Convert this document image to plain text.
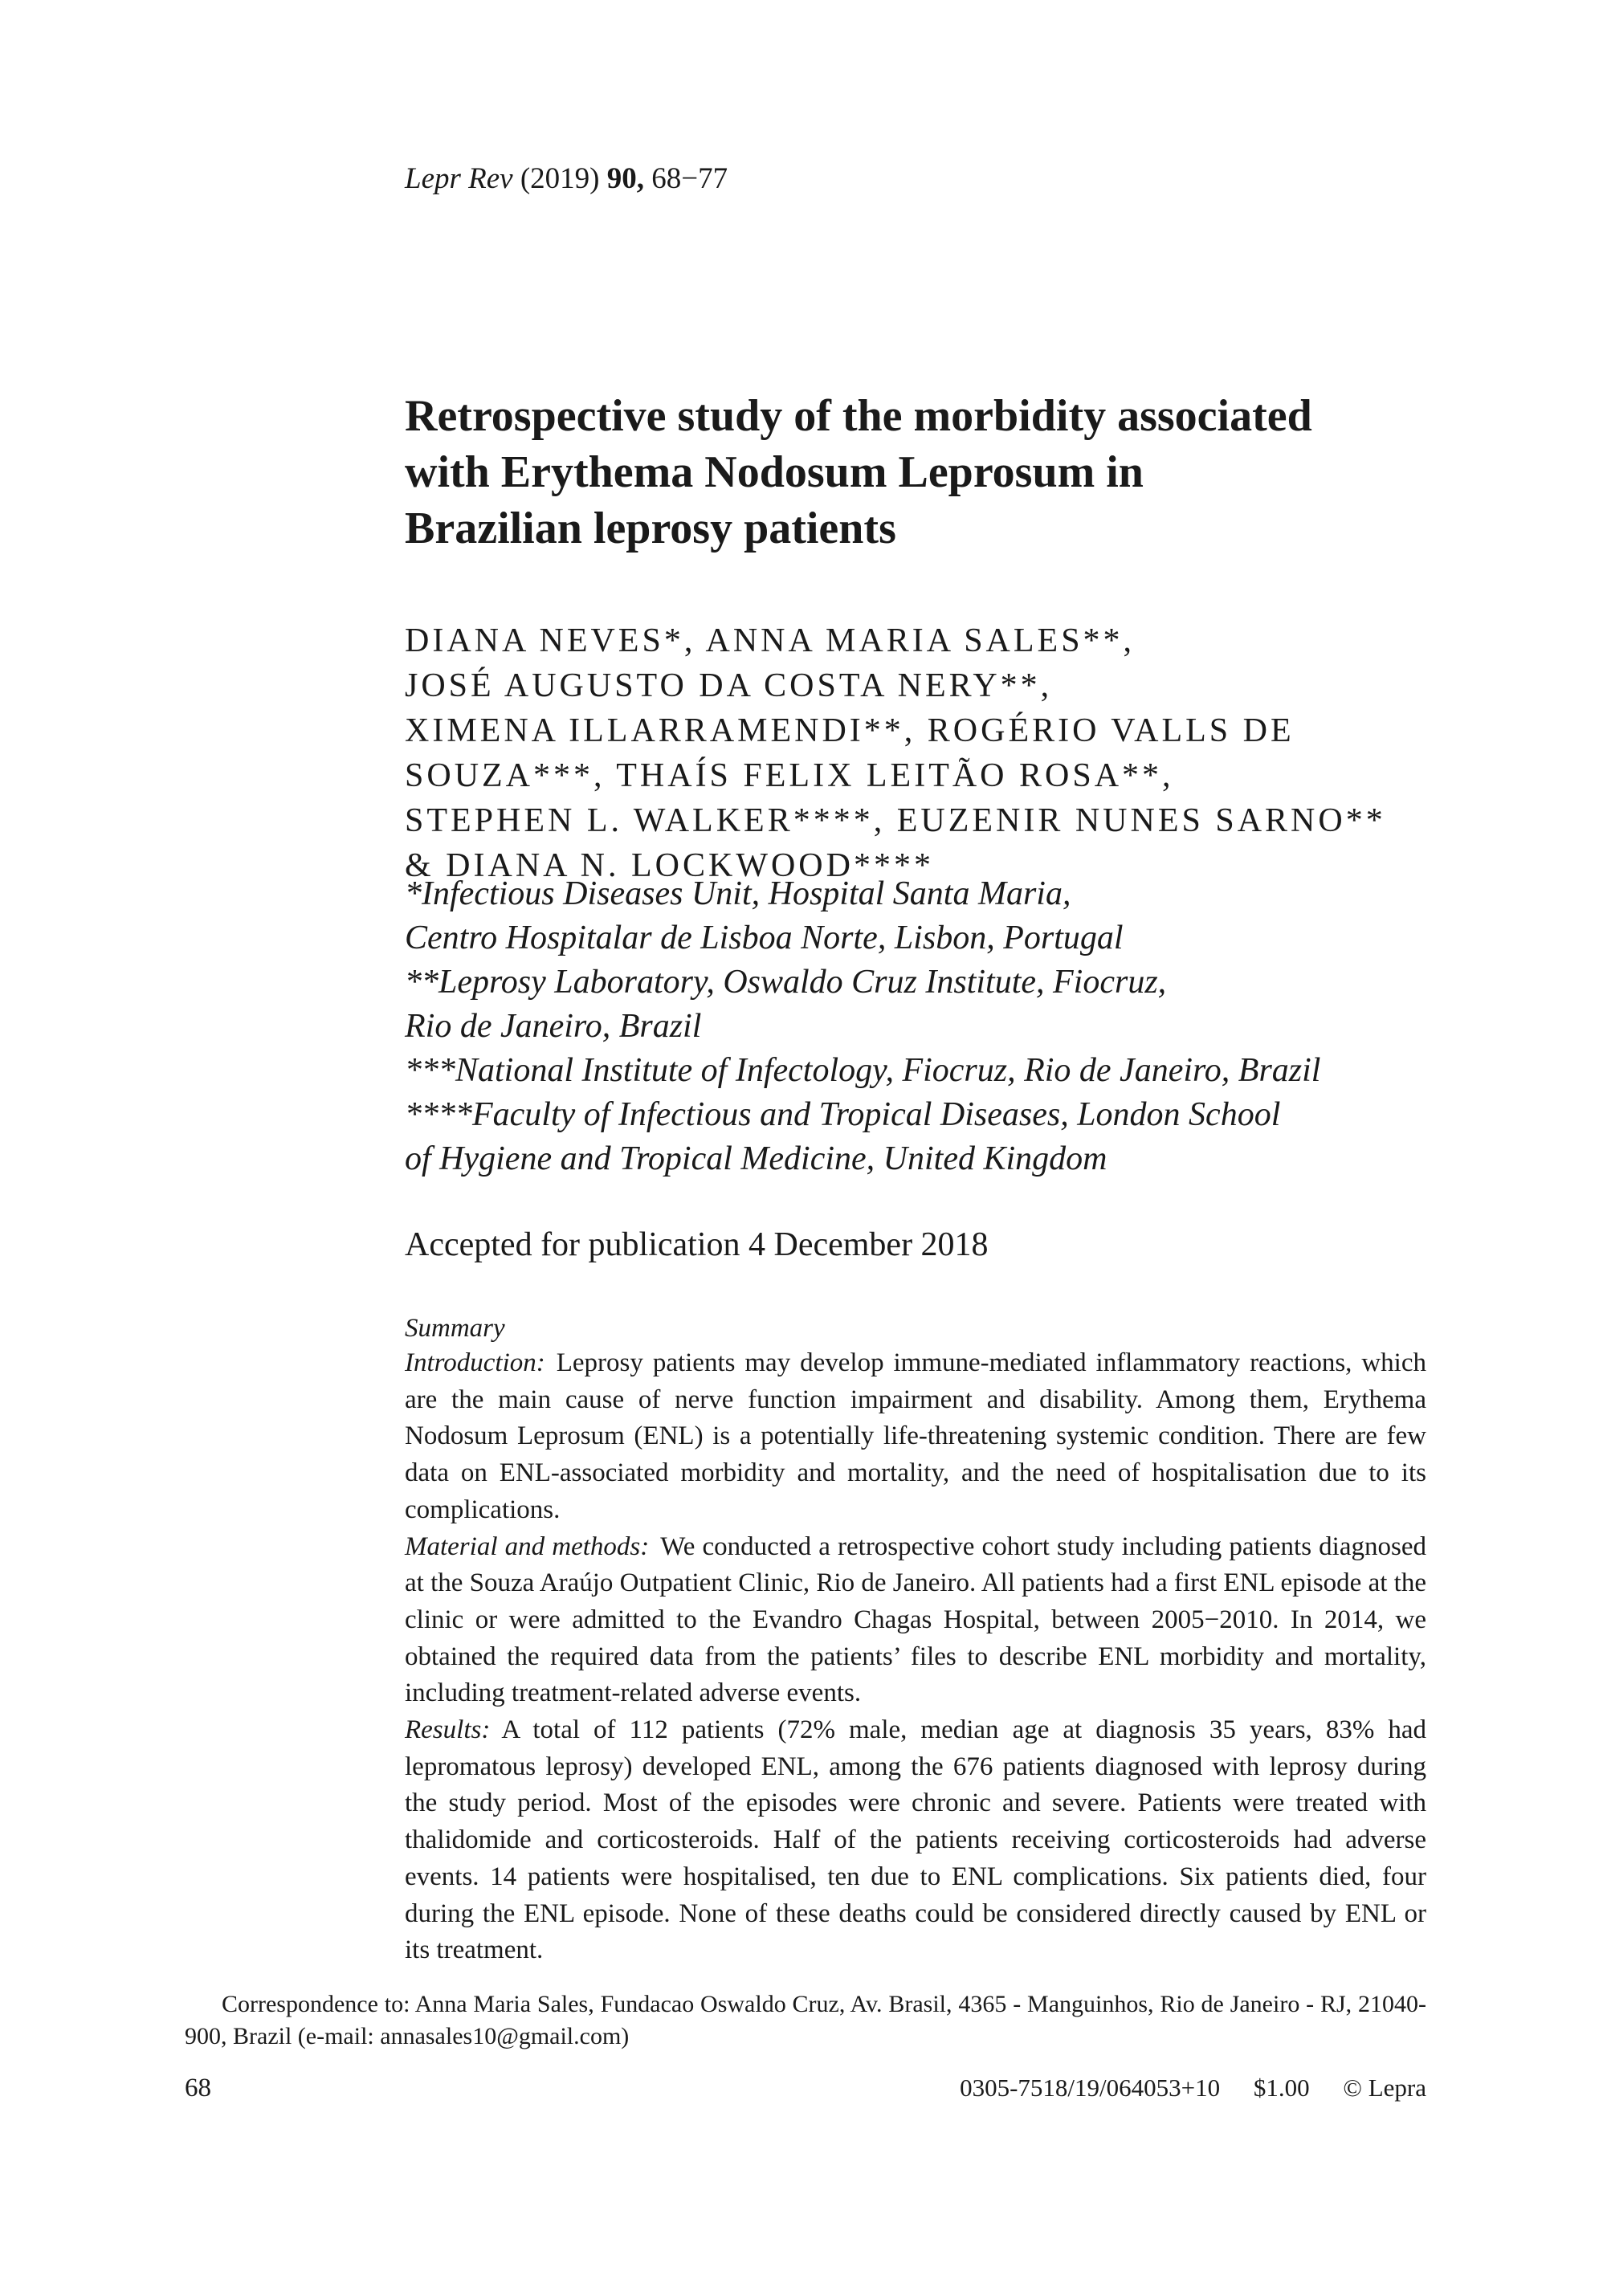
Lepr Rev (2019) 90, 68−77
Retrospective study of the morbidity associated
with Erythema Nodosum Leprosum in
Brazilian leprosy patients
DIANA NEVES*, ANNA MARIA SALES**,
JOSÉ AUGUSTO DA COSTA NERY**,
XIMENA ILLARRAMENDI**, ROGÉRIO VALLS DE
SOUZA***, THAÍS FELIX LEITÃO ROSA**,
STEPHEN L. WALKER****, EUZENIR NUNES SARNO**
& DIANA N. LOCKWOOD****
*Infectious Diseases Unit, Hospital Santa Maria,
Centro Hospitalar de Lisboa Norte, Lisbon, Portugal
**Leprosy Laboratory, Oswaldo Cruz Institute, Fiocruz,
Rio de Janeiro, Brazil
***National Institute of Infectology, Fiocruz, Rio de Janeiro, Brazil
****Faculty of Infectious and Tropical Diseases, London School
of Hygiene and Tropical Medicine, United Kingdom
Accepted for publication 4 December 2018
Summary

Introduction: Leprosy patients may develop immune-mediated inflammatory reactions, which are the main cause of nerve function impairment and disability. Among them, Erythema Nodosum Leprosum (ENL) is a potentially life-threatening systemic condition. There are few data on ENL-associated morbidity and mortality, and the need of hospitalisation due to its complications.

Material and methods: We conducted a retrospective cohort study including patients diagnosed at the Souza Araújo Outpatient Clinic, Rio de Janeiro. All patients had a first ENL episode at the clinic or were admitted to the Evandro Chagas Hospital, between 2005−2010. In 2014, we obtained the required data from the patients’ files to describe ENL morbidity and mortality, including treatment-related adverse events.

Results: A total of 112 patients (72% male, median age at diagnosis 35 years, 83% had lepromatous leprosy) developed ENL, among the 676 patients diagnosed with leprosy during the study period. Most of the episodes were chronic and severe. Patients were treated with thalidomide and corticosteroids. Half of the patients receiving corticosteroids had adverse events. 14 patients were hospitalised, ten due to ENL complications. Six patients died, four during the ENL episode. None of these deaths could be considered directly caused by ENL or its treatment.

Correspondence to: Anna Maria Sales, Fundacao Oswaldo Cruz, Av. Brasil, 4365 - Manguinhos, Rio de Janeiro - RJ, 21040-900, Brazil (e-mail: annasales10@gmail.com)
68	0305-7518/19/064053+10 $1.00 © Lepra
